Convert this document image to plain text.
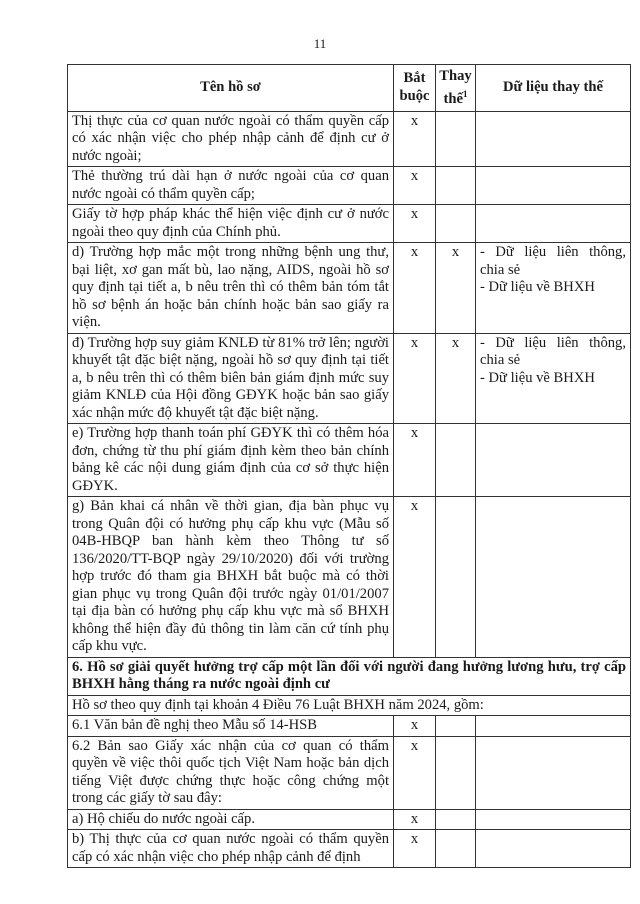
11
Tên hồ sơ	Bắt buộc	Thay thế$^1$	Dữ liệu thay thế
Thị thực của cơ quan nước ngoài có thẩm quyền cấp có xác nhận việc cho phép nhập cảnh để định cư ở nước ngoài;	x		
Thẻ thường trú dài hạn ở nước ngoài của cơ quan nước ngoài có thẩm quyền cấp;	x		
Giấy tờ hợp pháp khác thể hiện việc định cư ở nước ngoài theo quy định của Chính phủ.	x		
d) Trường hợp mắc một trong những bệnh ung thư, bại liệt, xơ gan mất bù, lao nặng, AIDS, ngoài hồ sơ quy định tại tiết a, b nêu trên thì có thêm bản tóm tắt hồ sơ bệnh án hoặc bản chính hoặc bản sao giấy ra viện.	x	x	- Dữ liệu liên thông, chia sẻ
- Dữ liệu về BHXH

đ) Trường hợp suy giảm KNLĐ từ 81% trở lên; người khuyết tật đặc biệt nặng, ngoài hồ sơ quy định tại tiết a, b nêu trên thì có thêm biên bản giám định mức suy giảm KNLĐ của Hội đồng GĐYK hoặc bản sao giấy xác nhận mức độ khuyết tật đặc biệt nặng.	x	x	- Dữ liệu liên thông, chia sẻ
- Dữ liệu về BHXH

e) Trường hợp thanh toán phí GĐYK thì có thêm hóa đơn, chứng từ thu phí giám định kèm theo bản chính bảng kê các nội dung giám định của cơ sở thực hiện GĐYK.	x		
g) Bản khai cá nhân về thời gian, địa bàn phục vụ trong Quân đội có hưởng phụ cấp khu vực (Mẫu số 04B-HBQP ban hành kèm theo Thông tư số 136/2020/TT-BQP ngày 29/10/2020) đối với trường hợp trước đó tham gia BHXH bắt buộc mà có thời gian phục vụ trong Quân đội trước ngày 01/01/2007 tại địa bàn có hưởng phụ cấp khu vực mà sổ BHXH không thể hiện đầy đủ thông tin làm căn cứ tính phụ cấp khu vực.	x		
6. Hồ sơ giải quyết hưởng trợ cấp một lần đối với người đang hưởng lương hưu, trợ cấp BHXH hằng tháng ra nước ngoài định cư			
Hồ sơ theo quy định tại khoản 4 Điều 76 Luật BHXH năm 2024, gồm:			
6.1 Văn bản đề nghị theo Mẫu số 14-HSB	x		
6.2 Bản sao Giấy xác nhận của cơ quan có thẩm quyền về việc thôi quốc tịch Việt Nam hoặc bản dịch tiếng Việt được chứng thực hoặc công chứng một trong các giấy tờ sau đây:	x		
a) Hộ chiếu do nước ngoài cấp.	x		
b) Thị thực của cơ quan nước ngoài có thẩm quyền cấp có xác nhận việc cho phép nhập cảnh để định	x		
